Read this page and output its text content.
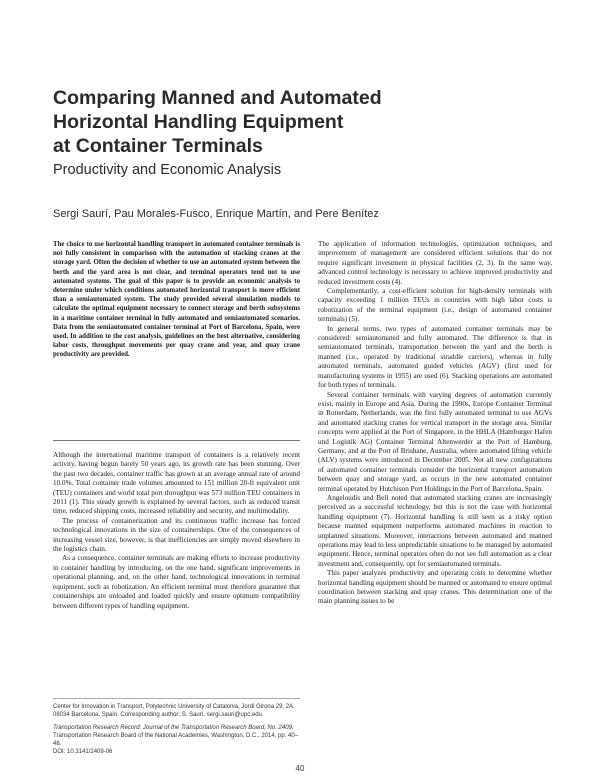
Comparing Manned and Automated
Horizontal Handling Equipment
at Container Terminals

Productivity and Economic Analysis

Sergi Saurí, Pau Morales-Fusco, Enrique Martín, and Pere Benítez

The choice to use horizontal handling transport in automated container terminals is not fully consistent in comparison with the automation of stacking cranes at the storage yard. Often the decision of whether to use an automated system between the berth and the yard area is not clear, and terminal operators tend not to use automated systems. The goal of this paper is to provide an economic analysis to determine under which conditions automated horizontal transport is more efficient than a semiautomated system. The study provided several simulation models to calculate the optimal equipment necessary to connect storage and berth subsystems in a maritime container terminal in fully automated and semiautomated scenarios. Data from the semiautomated container terminal at Port of Barcelona, Spain, were used. In addition to the cost analysis, guidelines on the best alternative, considering labor costs, throughput movements per quay crane and year, and quay crane productivity are provided.

Although the international maritime transport of containers is a relatively recent activity, having begun barely 50 years ago, its growth rate has been stunning. Over the past two decades, container traffic has grown at an average annual rate of around 10.0%. Total container trade volumes amounted to 151 million 20-ft equivalent unit (TEU) containers and world total port throughput was 573 million TEU containers in 2011 (1). This steady growth is explained by several factors, such as reduced transit time, reduced shipping costs, increased reliability and security, and multimodality.

The process of containerization and its continuous traffic increase has forced technological innovations in the size of containerships. One of the consequences of increasing vessel size, however, is that inefficiencies are simply moved elsewhere in the logistics chain.

As a consequence, container terminals are making efforts to increase productivity in container handling by introducing, on the one hand, significant improvements in operational planning, and, on the other hand, technological innovations in terminal equipment, such as robotization. An efficient terminal must therefore guarantee that containerships are unloaded and loaded quickly and ensure optimum compatibility between different types of handling equipment.

Center for Innovation in Transport, Polytechnic University of Catalonia, Jordi Girona 29, 2A. 08034 Barcelona, Spain. Corresponding author: S. Saurí, sergi.sauri@upc.edu.

Transportation Research Record: Journal of the Transportation Research Board, No. 2409, Transportation Research Board of the National Academies, Washington, D.C., 2014, pp. 40–48.
DOI: 10.3141/2409-06

The application of information technologies, optimization techniques, and improvement of management are considered efficient solutions that do not require significant investment in physical facilities (2, 3). In the same way, advanced control technology is necessary to achieve improved productivity and reduced investment costs (4).

Complementarily, a cost-efficient solution for high-density terminals with capacity exceeding 1 million TEUs in countries with high labor costs is robotization of the terminal equipment (i.e., design of automated container terminals) (5).

In general terms, two types of automated container terminals may be considered: semiautomated and fully automated. The difference is that in semiautomated terminals, transportation between the yard and the berth is manned (i.e., operated by traditional straddle carriers), whereas in fully automated terminals, automated guided vehicles (AGV) (first used for manufacturing systems in 1955) are used (6). Stacking operations are automated for both types of terminals.

Several container terminals with varying degrees of automation currently exist, mainly in Europe and Asia. During the 1990s, Europe Container Terminal in Rotterdam, Netherlands, was the first fully automated terminal to use AGVs and automated stacking cranes for vertical transport in the storage area. Similar concepts were applied at the Port of Singapore, in the HHLA (Hamburger Hafen und Logistik AG) Container Terminal Altenwerder at the Port of Hamburg, Germany, and at the Port of Brisbane, Australia, where automated lifting vehicle (ALV) systems were introduced in December 2005. Not all new configurations of automated container terminals consider the horizontal transport automation between quay and storage yard, as occurs in the new automated container terminal operated by Hutchison Port Holdings in the Port of Barcelona, Spain.

Angeloudis and Bell noted that automated stacking cranes are increasingly perceived as a successful technology, but this is not the case with horizontal handling equipment (7). Horizontal handling is still seen as a risky option because manned equipment outperforms automated machines in reaction to unplanned situations. Moreover, interactions between automated and manned operations may lead to less unpredictable situations to be managed by automated equipment. Hence, terminal operators often do not see full automation as a clear investment and, consequently, opt for semiautomated terminals.

This paper analyzes productivity and operating costs to determine whether horizontal handling equipment should be manned or automated to ensure optimal coordination between stacking and quay cranes. This determination one of the main planning issues to be

40
